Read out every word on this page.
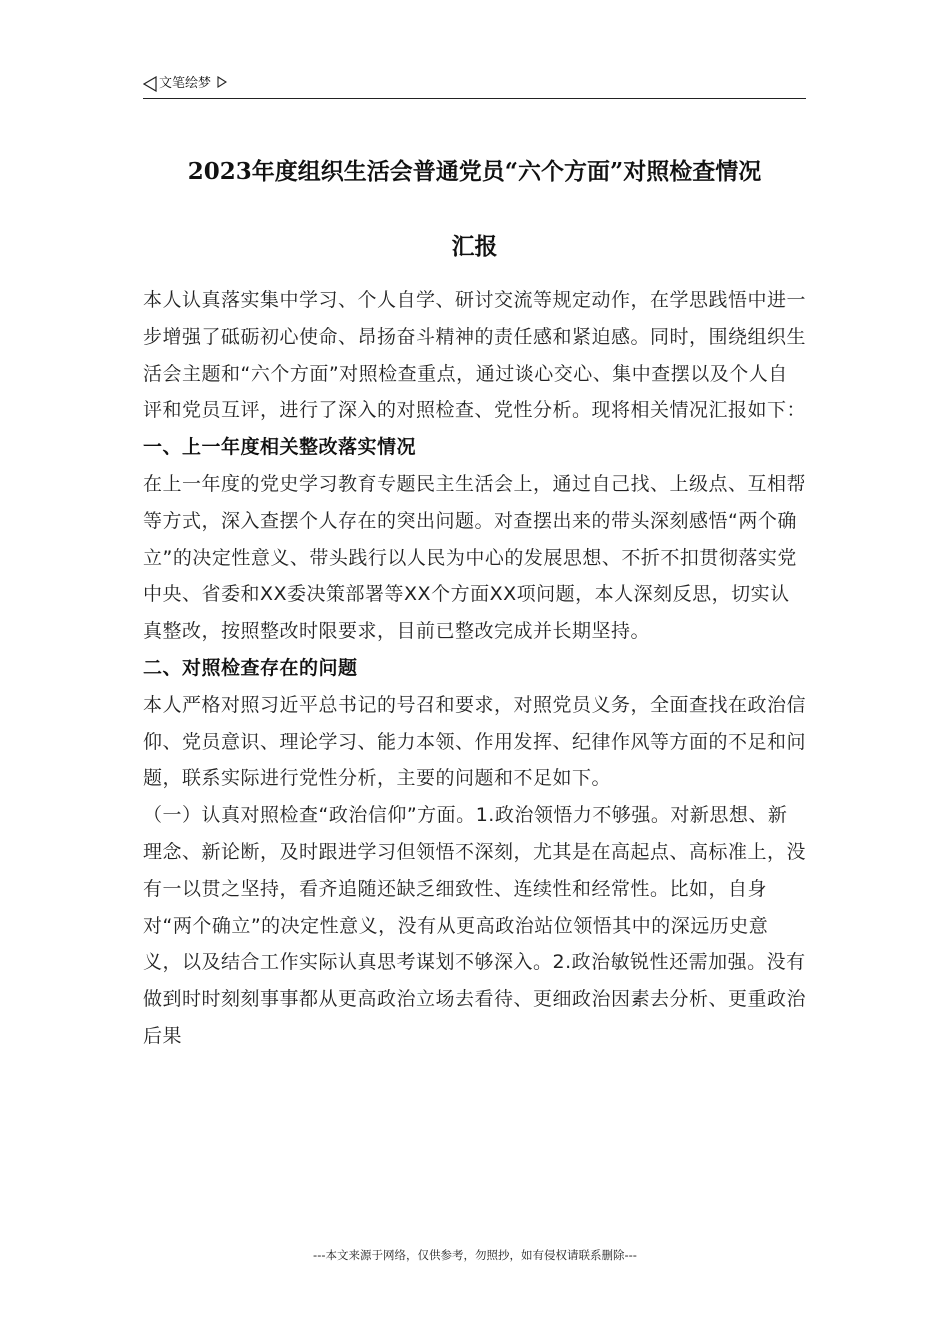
文笔绘梦
2023年度组织生活会普通党员“六个方面”对照检查情况
汇报

本人认真落实集中学习、个人自学、研讨交流等规定动作，在学思践悟中进一步增强了砥砺初心使命、昂扬奋斗精神的责任感和紧迫感。同时，围绕组织生活会主题和“六个方面”对照检查重点，通过谈心交心、集中查摆以及个人自评和党员互评，进行了深入的对照检查、党性分析。现将相关情况汇报如下：

一、上一年度相关整改落实情况

在上一年度的党史学习教育专题民主生活会上，通过自己找、上级点、互相帮等方式，深入查摆个人存在的突出问题。对查摆出来的带头深刻感悟“两个确立”的决定性意义、带头践行以人民为中心的发展思想、不折不扣贯彻落实党中央、省委和XX委决策部署等XX个方面XX项问题，本人深刻反思，切实认真整改，按照整改时限要求，目前已整改完成并长期坚持。

二、对照检查存在的问题

本人严格对照习近平总书记的号召和要求，对照党员义务，全面查找在政治信仰、党员意识、理论学习、能力本领、作用发挥、纪律作风等方面的不足和问题，联系实际进行党性分析，主要的问题和不足如下。

（一）认真对照检查“政治信仰”方面。1.政治领悟力不够强。对新思想、新理念、新论断，及时跟进学习但领悟不深刻，尤其是在高起点、高标准上，没有一以贯之坚持，看齐追随还缺乏细致性、连续性和经常性。比如，自身对“两个确立”的决定性意义，没有从更高政治站位领悟其中的深远历史意义，以及结合工作实际认真思考谋划不够深入。2.政治敏锐性还需加强。没有做到时时刻刻事事都从更高政治立场去看待、更细政治因素去分析、更重政治后果

---本文来源于网络，仅供参考，勿照抄，如有侵权请联系删除---
